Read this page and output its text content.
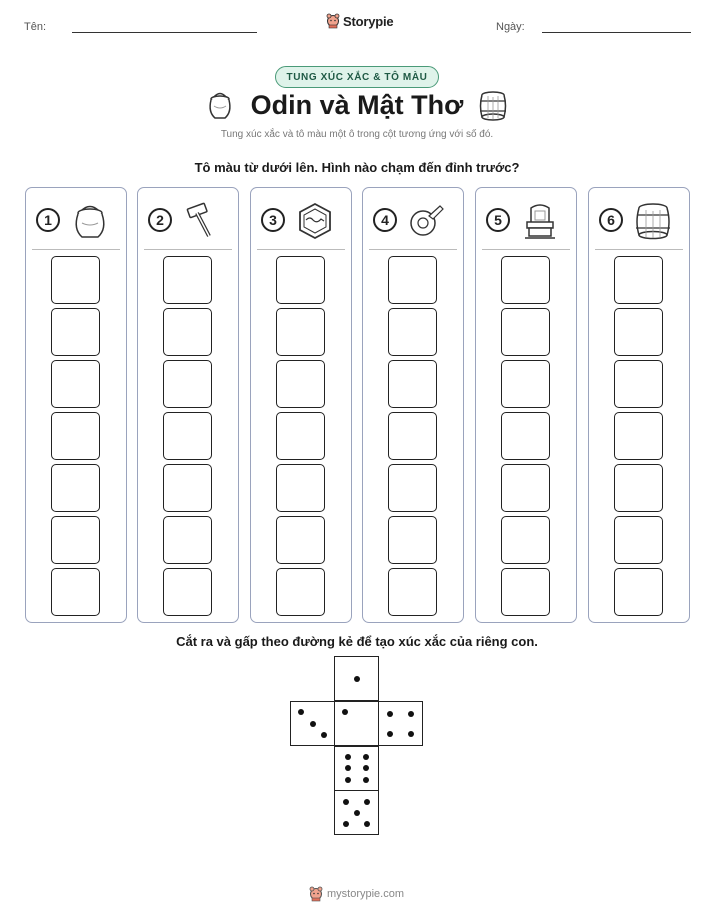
Tên:	Storypie	Ngày:
TUNG XÚC XẮC & TÔ MÀU
Odin và Mật Thơ
Tung xúc xắc và tô màu một ô trong cột tương ứng với số đó.
Tô màu từ dưới lên. Hình nào chạm đến đỉnh trước?
1	2	3	4	5	6
Cắt ra và gấp theo đường kẻ để tạo xúc xắc của riêng con.
mystorypie.com
